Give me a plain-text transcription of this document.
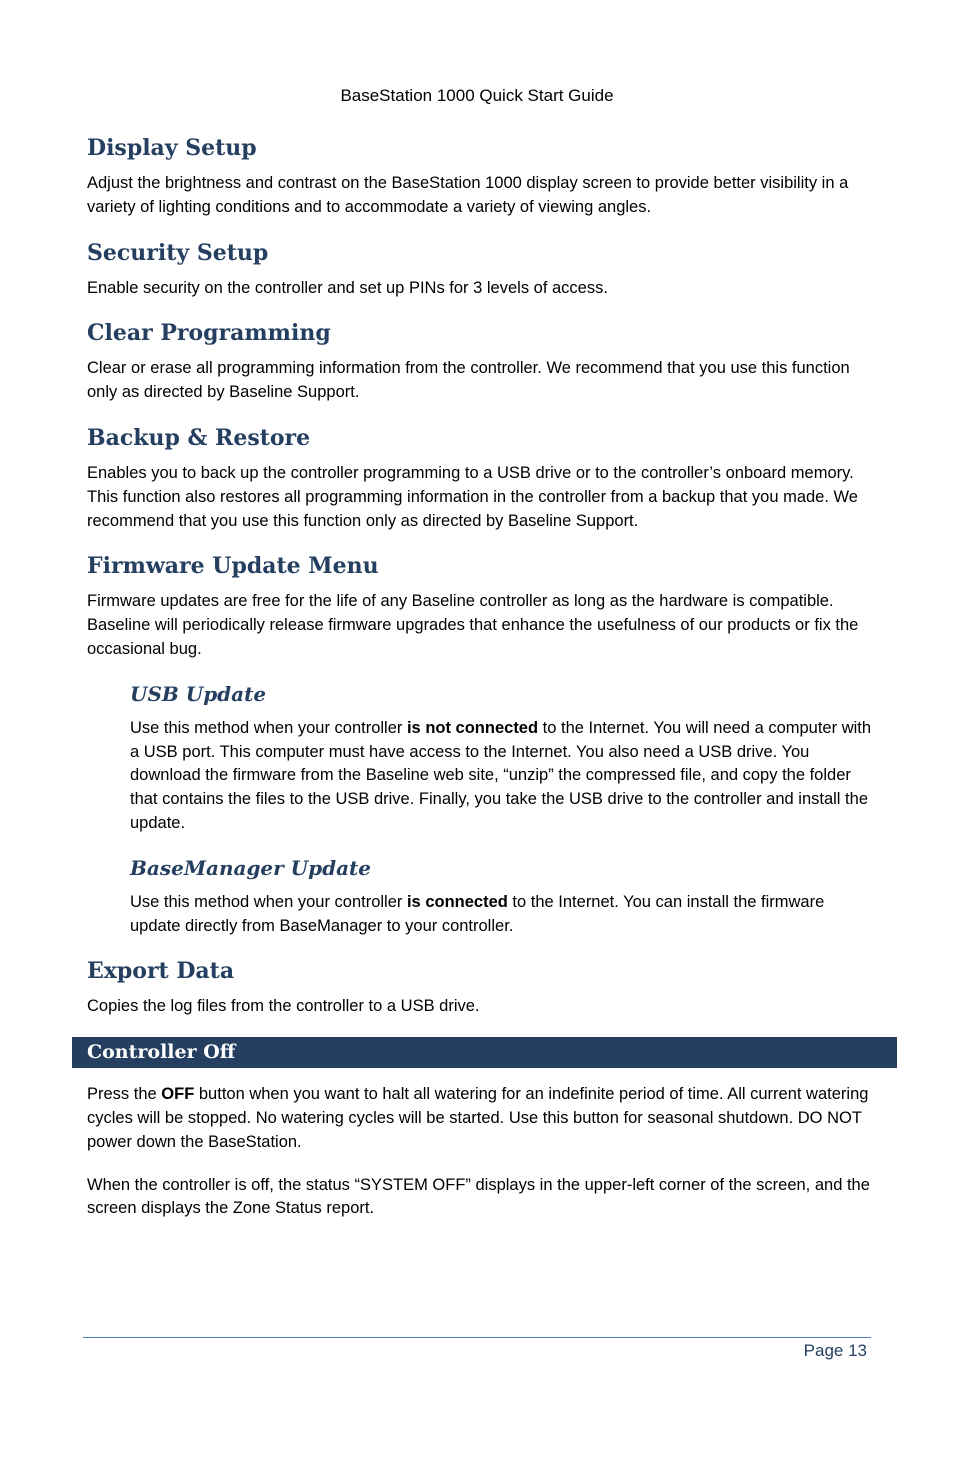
BaseStation 1000 Quick Start Guide
Display Setup

Adjust the brightness and contrast on the BaseStation 1000 display screen to provide better visibility in a variety of lighting conditions and to accommodate a variety of viewing angles.

Security Setup

Enable security on the controller and set up PINs for 3 levels of access.

Clear Programming

Clear or erase all programming information from the controller. We recommend that you use this function only as directed by Baseline Support.

Backup & Restore

Enables you to back up the controller programming to a USB drive or to the controller’s onboard memory. This function also restores all programming information in the controller from a backup that you made. We recommend that you use this function only as directed by Baseline Support.

Firmware Update Menu

Firmware updates are free for the life of any Baseline controller as long as the hardware is compatible. Baseline will periodically release firmware upgrades that enhance the usefulness of our products or fix the occasional bug.

USB Update

Use this method when your controller is not connected to the Internet. You will need a computer with a USB port. This computer must have access to the Internet. You also need a USB drive. You download the firmware from the Baseline web site, “unzip” the compressed file, and copy the folder that contains the files to the USB drive. Finally, you take the USB drive to the controller and install the update.

BaseManager Update

Use this method when your controller is connected to the Internet. You can install the firmware update directly from BaseManager to your controller.

Export Data

Copies the log files from the controller to a USB drive.

Controller Off

Press the OFF button when you want to halt all watering for an indefinite period of time. All current watering cycles will be stopped. No watering cycles will be started. Use this button for seasonal shutdown. DO NOT power down the BaseStation.

When the controller is off, the status “SYSTEM OFF” displays in the upper-left corner of the screen, and the screen displays the Zone Status report.

Page 13
